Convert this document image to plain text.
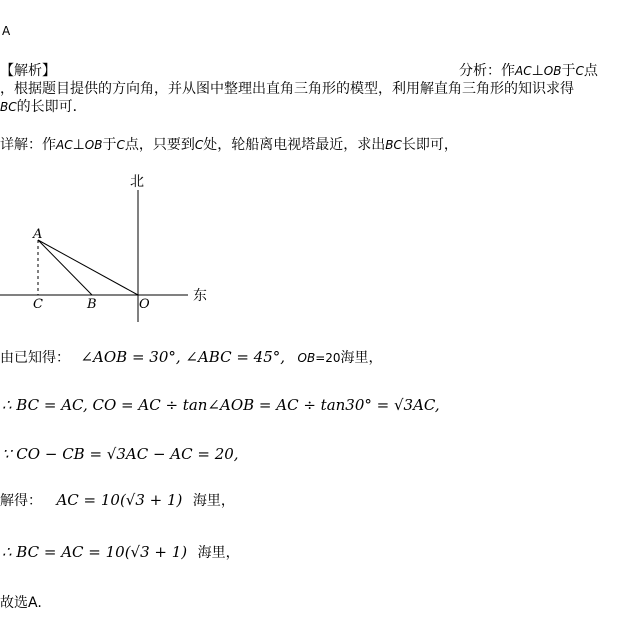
A
【解析】	分析：作AC⊥OB于C点
，根据题目提供的方向角，并从图中整理出直角三角形的模型，利用解直角三角形的知识求得
BC的长即可．
详解：作AC⊥OB于C点，只要到C处，轮船离电视塔最近，求出BC长即可，
北
东
A
C	B	O
由已知得： ∠AOB = 30°, ∠ABC = 45°, OB=20海里，
∴ BC = AC, CO = AC ÷ tan∠AOB = AC ÷ tan30° = √3AC,
∵ CO − CB = √3AC − AC = 20,
解得： AC = 10(√3 + 1) 海里，
∴ BC = AC = 10(√3 + 1) 海里，
故选A.
